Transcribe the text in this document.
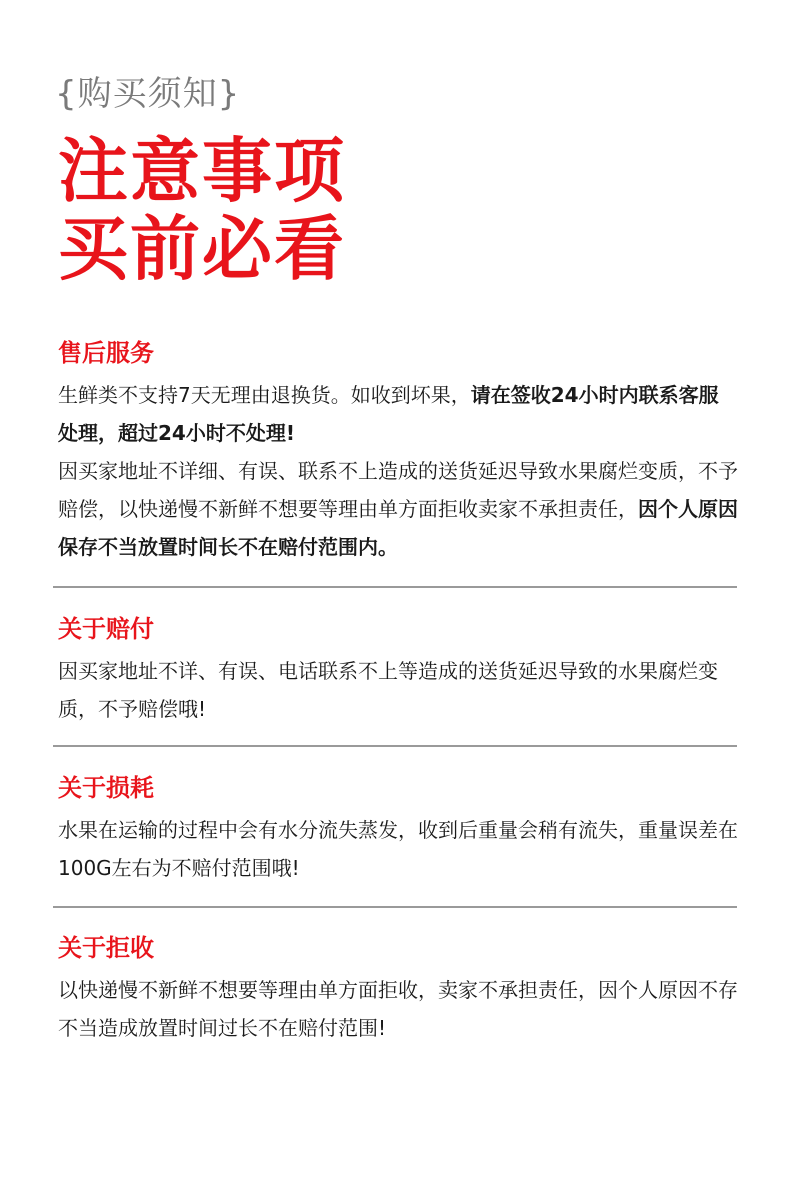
{购买须知}
注意事项
买前必看
售后服务

生鲜类不支持7天无理由退换货。如收到坏果，请在签收24小时内联系客服处理，超过24小时不处理!
因买家地址不详细、有误、联系不上造成的送货延迟导致水果腐烂变质，不予赔偿，以快递慢不新鲜不想要等理由单方面拒收卖家不承担责任，因个人原因保存不当放置时间长不在赔付范围内。

关于赔付

因买家地址不详、有误、电话联系不上等造成的送货延迟导致的水果腐烂变质，不予赔偿哦!

关于损耗

水果在运输的过程中会有水分流失蒸发，收到后重量会稍有流失，重量误差在100G左右为不赔付范围哦!

关于拒收

以快递慢不新鲜不想要等理由单方面拒收，卖家不承担责任，因个人原因不存不当造成放置时间过长不在赔付范围!
